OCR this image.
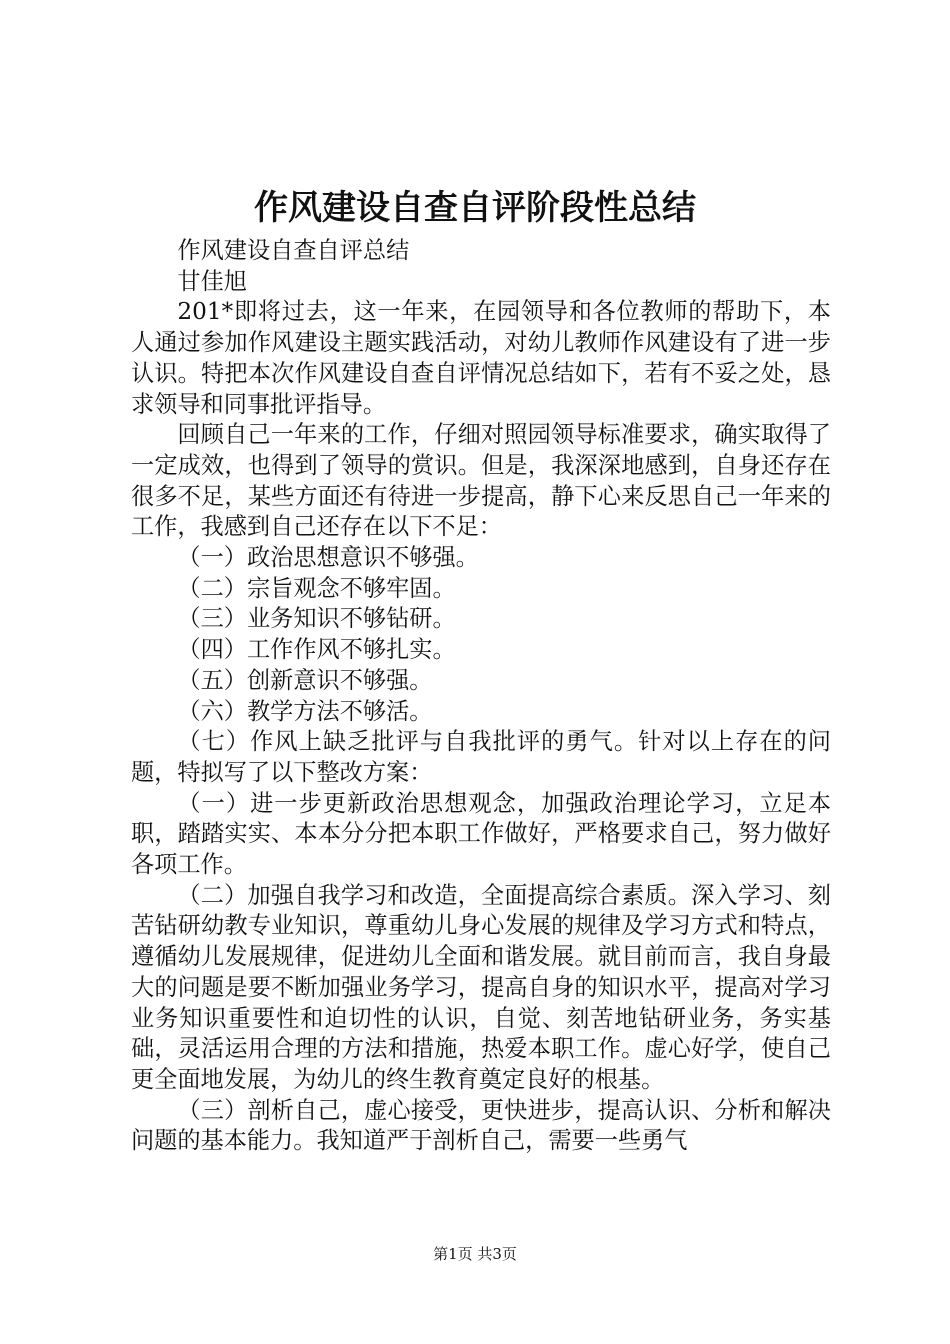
作风建设自查自评阶段性总结

作风建设自查自评总结

甘佳旭

201*即将过去，这一年来，在园领导和各位教师的帮助下，本人通过参加作风建设主题实践活动，对幼儿教师作风建设有了进一步认识。特把本次作风建设自查自评情况总结如下，若有不妥之处，恳求领导和同事批评指导。

回顾自己一年来的工作，仔细对照园领导标准要求，确实取得了一定成效，也得到了领导的赏识。但是，我深深地感到，自身还存在很多不足，某些方面还有待进一步提高，静下心来反思自己一年来的工作，我感到自己还存在以下不足：

（一）政治思想意识不够强。

（二）宗旨观念不够牢固。

（三）业务知识不够钻研。

（四）工作作风不够扎实。

（五）创新意识不够强。

（六）教学方法不够活。

（七）作风上缺乏批评与自我批评的勇气。针对以上存在的问题，特拟写了以下整改方案：

（一）进一步更新政治思想观念，加强政治理论学习，立足本职，踏踏实实、本本分分把本职工作做好，严格要求自己，努力做好各项工作。

（二）加强自我学习和改造，全面提高综合素质。深入学习、刻苦钻研幼教专业知识，尊重幼儿身心发展的规律及学习方式和特点，遵循幼儿发展规律，促进幼儿全面和谐发展。就目前而言，我自身最大的问题是要不断加强业务学习，提高自身的知识水平，提高对学习业务知识重要性和迫切性的认识，自觉、刻苦地钻研业务，务实基础，灵活运用合理的方法和措施，热爱本职工作。虚心好学，使自己更全面地发展，为幼儿的终生教育奠定良好的根基。

（三）剖析自己，虚心接受，更快进步，提高认识、分析和解决问题的基本能力。我知道严于剖析自己，需要一些勇气

第1页 共3页
